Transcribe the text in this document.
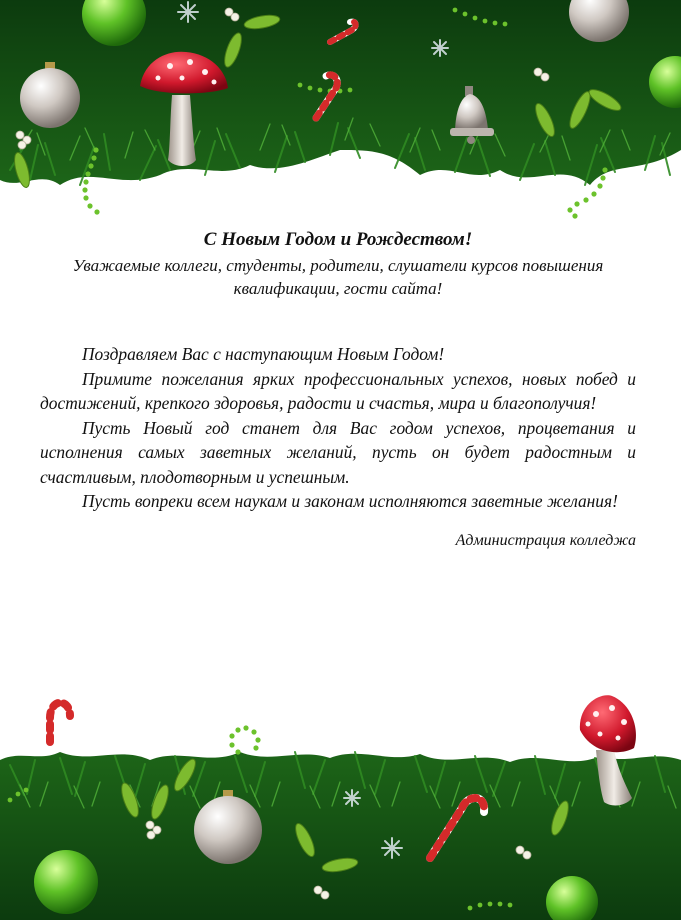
С Новым Годом и Рождеством!

Уважаемые коллеги, студенты, родители, слушатели курсов повышения квалификации, гости сайта!

Поздравляем Вас с наступающим Новым Годом!

Примите пожелания ярких профессиональных успехов, новых побед и достижений, крепкого здоровья, радости и счастья, мира и благополучия!

Пусть Новый год станет для Вас годом успехов, процветания и исполнения самых заветных желаний, пусть он будет радостным и счастливым, плодотворным и успешным.

Пусть вопреки всем наукам и законам исполняются заветные желания!

Администрация колледжа
